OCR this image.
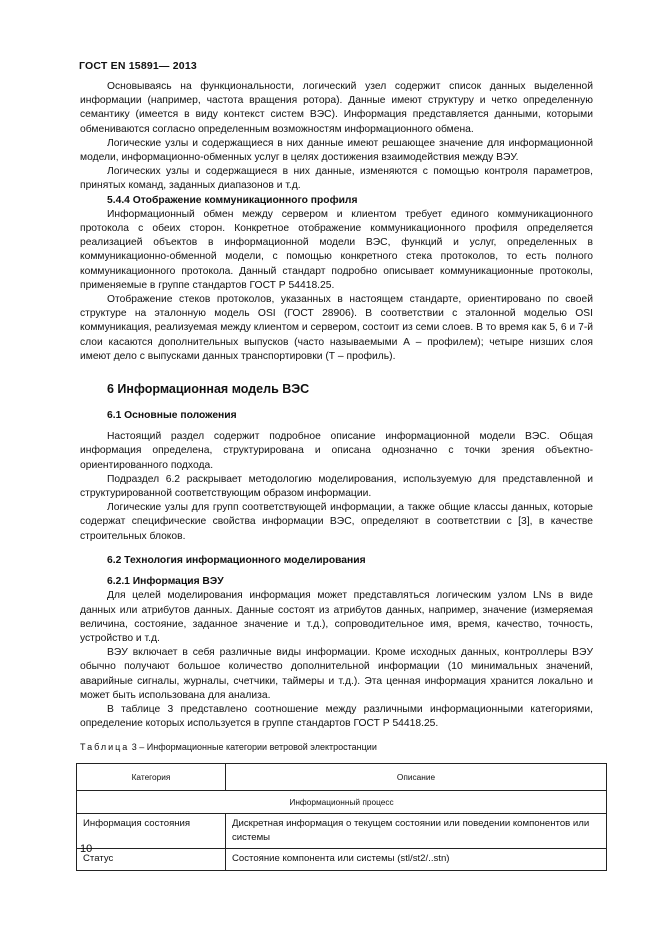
ГОСТ EN 15891— 2013

Основываясь на функциональности, логический узел содержит список данных выделенной информации (например, частота вращения ротора). Данные имеют структуру и четко определенную семантику (имеется в виду контекст систем ВЭС). Информация представляется данными, которыми обмениваются согласно определенным возможностям информационного обмена.

Логические узлы и содержащиеся в них данные имеют решающее значение для информационной модели, информационно-обменных услуг в целях достижения взаимодействия между ВЭУ.

Логических узлы и содержащиеся в них данные, изменяются с помощью контроля параметров, принятых команд, заданных диапазонов и т.д.

5.4.4 Отображение коммуникационного профиля

Информационный обмен между сервером и клиентом требует единого коммуникационного протокола с обеих сторон. Конкретное отображение коммуникационного профиля определяется реализацией объектов в информационной модели ВЭС, функций и услуг, определенных в коммуникационно-обменной модели, с помощью конкретного стека протоколов, то есть полного коммуникационного протокола. Данный стандарт подробно описывает коммуникационные протоколы, применяемые в группе стандартов ГОСТ Р 54418.25.

Отображение стеков протоколов, указанных в настоящем стандарте, ориентировано по своей структуре на эталонную модель OSI (ГОСТ 28906). В соответствии с эталонной моделью OSI коммуникация, реализуемая между клиентом и сервером, состоит из семи слоев. В то время как 5, 6 и 7-й слои касаются дополнительных выпусков (часто называемыми А – профилем); четыре низших слоя имеют дело с выпусками данных транспортировки (Т – профиль).

6 Информационная модель ВЭС
6.1 Основные положения

Настоящий раздел содержит подробное описание информационной модели ВЭС. Общая информация определена, структурирована и описана однозначно с точки зрения объектно-ориентированного подхода.

Подраздел 6.2 раскрывает методологию моделирования, используемую для представленной и структурированной соответствующим образом информации.

Логические узлы для групп соответствующей информации, а также общие классы данных, которые содержат специфические свойства информации ВЭС, определяют в соответствии с [3], в качестве строительных блоков.

6.2 Технология информационного моделирования
6.2.1 Информация ВЭУ

Для целей моделирования информация может представляться логическим узлом LNs в виде данных или атрибутов данных. Данные состоят из атрибутов данных, например, значение (измеряемая величина, состояние, заданное значение и т.д.), сопроводительное имя, время, качество, точность, устройство и т.д.

ВЭУ включает в себя различные виды информации. Кроме исходных данных, контроллеры ВЭУ обычно получают большое количество дополнительной информации (10 минимальных значений, аварийные сигналы, журналы, счетчики, таймеры и т.д.). Эта ценная информация хранится локально и может быть использована для анализа.

В таблице 3 представлено соотношение между различными информационными категориями, определение которых используется в группе стандартов ГОСТ Р 54418.25.

Таблица 3 – Информационные категории ветровой электростанции
Категория	Описание
Информационный процесс	
Информация состояния	Дискретная информация о текущем состоянии или поведении компонентов или системы
Статус	Состояние компонента или системы (stl/st2/..stn)
10
